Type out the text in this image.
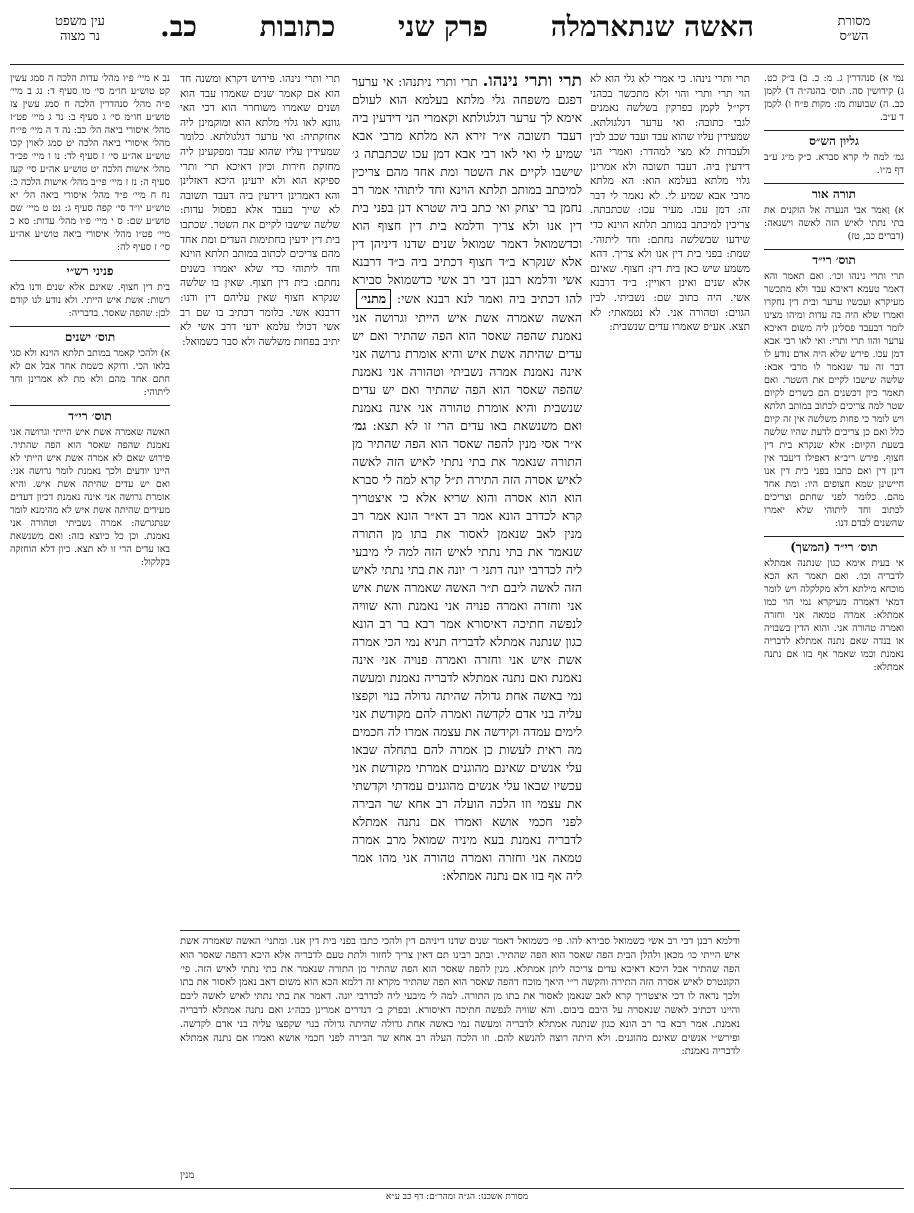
מסורת
הש״ס
האשה שנתארמלה
פרק שני
כתובות
כב.
עין משפט
נר מצוה

נמי א) סנהדרין ג. מ: כ. ב) ב״ק כט. ג) קידושין סה. תוס׳ בהגה״ה ד) לקמן כב. ה) שבועות מז: מקות פ״ח ו) לקמן ד ע״ב.

גליון הש״ס

גמ׳ למה לי קרא סברא. כ״ק מ״ג ע״ב דף מ״ו.

תורה אור

א) וַאמר אבי הנערה אל הזקנים את בתי נתתי לאיש הזה לאשה וישנאה: (דברים כב, טז)

תוס׳ רי״ד

תרי ותרי נינהו וכו׳. ואם תאמר והא דאמר טעמא דאיכא עבד ולא מתכשר מעיקרא ועכשיו ערער ובית דין נחקרו ואמרו שלא היה בה עדות ומיהו מצינו לומר דבעבד פסלינן ליה משום דאיכא ערער והוו תרי ותרי: ואי לאו רבי אבא דמן עכו. פירש שלא היה אדם נודע לו דבר זה עד שנאמר לו מרבי אבא: שלשה שישבו לקיים את השטר. ואם תאמר כיון דכשנים הם כשרים לקיום שטר למה צריכים לכתוב במותב תלתא ויש לומר כי פחות משלשה אין זה קיום כלל ואם כן צריכים לדעת שהיו שלשה בשעת הקיום: אלא שנקרא בית דין חצוף. פירש ריב״א דאפילו דיעבד אין דינן דין ואם כתבו בפני בית דין אנו חיישינן שמא חצופים היו: ומת אחד מהם. כלומר לפני שחתם וצריכים לכתוב וחד ליתוהי שלא יאמרו שהשנים לבדם דנו:

תוס׳ רי״ד (המשך)

אי בעית אימא כגון שנתנה אמתלא לדבריה וכו׳. ואם תאמר הא הכא מוכחא מילתא דלא מקלקלה ויש לומר דמאי דאמרה מעיקרא נמי הוי כמו אמתלא: אמרה טמאה אני וחזרה ואמרה טהורה אני. והוא הדין בשבויה או בנדה שאם נתנה אמתלא לדבריה נאמנת וכמו שאמר אף בזו אם נתנה אמתלא:

נב א מיי׳ פ״ו מהל׳ עדות הלכה ה סמג עשין קט טוש״ע חו״מ סי׳ מו סעיף ד: נג ב מיי׳ פ״ה מהל׳ סנהדרין הלכה ח סמג עשין צז טוש״ע חו״מ סי׳ ג סעיף ב: נד ג מיי׳ פט״ז מהל׳ איסורי ביאה הל׳ כב: נה ד ה מיי׳ פי״ח מהל׳ איסורי ביאה הלכה יט סמג לאוין קכו טוש״ע אה״ע סי׳ ז סעיף לד: נו ו מיי׳ פכ״ד מהל׳ אישות הלכה יט טוש״ע אה״ע סי׳ קעז סעיף ה: נז ז מיי׳ פי״ב מהל׳ אישות הלכה כ: נח ח מיי׳ פ״ד מהל׳ איסורי ביאה הל׳ יא טוש״ע יו״ד סי׳ קפה סעיף ג: נט ט מיי׳ שם טוש״ע שם: ס י מיי׳ פ״ו מהל׳ עדות: סא כ מיי׳ פט״ו מהל׳ איסורי ביאה טוש״ע אה״ע סי׳ ז סעיף לה:

פניני רש״י

בית דין חצוף. שאינם אלא שנים ודנו בלא רשות: אשת איש הייתי. ולא נודע לנו קודם לכן: שהפה שאסר. בדבריה:

תוס׳ ישנים

א) ולהכי קאמר במותב תלתא הוינא ולא סגי בלאו הכי. ודוקא כשמת אחד אבל אם לא חתם אחד מהם ולא מת לא אמרינן וחד ליתוהי:

תוס׳ רי״ד

האשה שאמרה אשת איש הייתי וגרושה אני נאמנת שהפה שאסר הוא הפה שהתיר. פירוש שאם לא אמרה אשת איש הייתי לא היינו יודעים ולכך נאמנת לומר גרושה אני: ואם יש עדים שהיתה אשת איש. והיא אומרת גרושה אני אינה נאמנת דכיון דעדים מעידים שהיתה אשת איש לא מהימנא לומר שנתגרשה: אמרה נשביתי וטהורה אני נאמנת. וכן כל כיוצא בזה: ואם משנשאת באו עדים הרי זו לא תצא. כיון דלא הוחזקה בקלקול:

תרי ותרי נינהו. כי אמרי לא גלי הוא לא הוי תרי ותרי והוי ולא מתכשר בכהני דקי״ל לקמן בפרקין בשלשה נאמנים לגבי כתובה: ואי ערער דגלגולתא. שמעידין עליו שהוא עבד ועבד שכב לבין ולעבדות לא מצי למהדר: ואמרי הני דידעין ביה. דעבד תשובה ולא אמרינן גלוי מלתא בעלמא הוא: הא מלתא מרבי אבא שמיע לי. לא נאמר לי דבר זה: דמן עכו. מעיר עכו: שכתבתה. צריכין למיכתב במותב תלתא הוינא כדי שידעו שבשלשה נחתם: וחד ליתוהי. שמת: בפני בית דין אנו ולא צריך. דהא משמע שיש כאן בית דין: חצוף. שאינם אלא שנים ואינן ראויין: ב״ד דרבנא אשי. היה כתוב שם: נשביתי. לבין הגוים: וטהורה אני. לא נטמאתי: לא תצא. אע״פ שאמרו עדים שנשבית:

תרי ותרי נינהו. פירוש דקרא ומשנה חד הוא אם קאמר שנים שאמרו עבד הוא ושנים שאמרו משוחרר הוא דכי האי גוונא לאו גלוי מלתא הוא ומוקמינן ליה אחזקתיה: ואי ערער דגלגולתא. כלומר שמעידין עליו שהוא עבד ומפקעינן ליה מחזקת חירות וכיון דאיכא תרי ותרי ספיקא הוא ולא ידעינן היכא דאזלינן והא דאמרינן דידעין ביה דעבד תשובה לא שייך בעבד אלא בפסול עדות: שלשה שישבו לקיים את השטר. שכתבו בית דין ידעין בחתימות העדים ומת אחד מהם צריכים לכתוב במותב תלתא הוינא וחד ליתוהי כדי שלא יאמרו בשנים נחתם: בית דין חצוף. שאין בו שלשה שנקרא חצוף שאין עליהם דין ודנו: דרבנא אשי. כלומר דכתיב בו שם רב אשי דכולי עלמא ידעי דרב אשי לא יתיב בפחות משלשה ולא סבר כשמואל:

תרי ותרי נינהו. תרי ותרי ניתנהו: אי ערער דפגם משפחה גלי מלתא בעלמא הוא לעולם אימא לך ערער דגלגולתא וקאמרי הני דידעין ביה דעבד תשובה א״ר זירא הא מלתא מרבי אבא שמיע לי ואי לאו רבי אבא דמן עכו שכתבתה ג׳ שישבו לקיים את השטר ומת אחד מהם צריכין למיכתב במותב תלתא הוינא וחד ליתוהי אמר רב נחמן בר יצחק ואי כתב ביה שטרא דנן בפני בית דין אנו ולא צריך ודלמא בית דין חצוף הוא וכדשמואל דאמר שמואל שנים שדנו דיניהן דין אלא שנקרא ב״ד חצוף דכתיב ביה ב״ד דרבנא אשי ודלמא רבנן דבי רב אשי כדשמואל סבירא להו דכתיב ביה ואמר לנא רבנא אשי: מתני׳ האשה שאמרה אשת איש הייתי וגרושה אני נאמנת שהפה שאסר הוא הפה שהתיר ואם יש עדים שהיתה אשת איש והיא אומרת גרושה אני אינה נאמנת אמרה נשביתי וטהורה אני נאמנת שהפה שאסר הוא הפה שהתיר ואם יש עדים שנשבית והיא אומרת טהורה אני אינה נאמנת ואם משנשאת באו עדים הרי זו לא תצא: גמ׳ א״ר אסי מנין להפה שאסר הוא הפה שהתיר מן התורה שנאמר את בתי נתתי לאיש הזה לאשה לאיש אסרה הזה התירה ת״ל קרא למה לי סברא הוא הוא אסרה והוא שריא אלא כי איצטריך קרא לכדרב הונא אמר רב דא״ר הונא אמר רב מנין לאב שנאמן לאסור את בתו מן התורה שנאמר את בתי נתתי לאיש הזה למה לי מיבעי ליה לכדרבי יונה דתני ר׳ יונה את בתי נתתי לאיש הזה לאשה ליבם ת״ר האשה שאמרה אשת איש אני וחזרה ואמרה פנויה אני נאמנת והא שוויה לנפשה חתיכה דאיסורא אמר רבא בר רב הונא כגון שנתנה אמתלא לדבריה תניא נמי הכי אמרה אשת איש אני וחזרה ואמרה פנויה אני אינה נאמנת ואם נתנה אמתלא לדבריה נאמנת ומעשה נמי באשה אחת גדולה שהיתה גדולה בנוי וקפצו עליה בני אדם לקדשה ואמרה להם מקודשת אני לימים עמדה וקידשה את עצמה אמרו לה חכמים מה ראית לעשות כן אמרה להם בתחלה שבאו עלי אנשים שאינם מהוגנים אמרתי מקודשת אני עכשיו שבאו עלי אנשים מהוגנים עמדתי וקדשתי את עצמי וזו הלכה הועלה רב אחא שר הבירה לפני חכמי אושא ואמרו אם נתנה אמתלא לדבריה נאמנת בעא מיניה שמואל מרב אמרה טמאה אני וחזרה ואמרה טהורה אני מהו אמר ליה אף בזו אם נתנה אמתלא:
ודלמא רבנן דבי רב אשי כשמואל סבירא להו. פי׳ כשמואל דאמר שנים שדנו דיניהם דין ולהכי כתבו בפני בית דין אנו. ומתני׳ האשה שאמרה אשת איש הייתי כו׳ מכאן ולהלן הבית הפה שאסר הוא הפה שהתיר. וכתב רבינו תם דאין צריך לחזור ולתת טעם לדבריה אלא היכא דהפה שאסר הוא הפה שהתיר אבל היכא דאיכא עדים צריכה ליתן אמתלא. מנין להפה שאסר הוא הפה שהתיר מן התורה שנאמר את בתי נתתי לאיש הזה. פי׳ הקונטרס לאיש אסרה הזה התירה והקשה ר״י היאך מוכח דהפה שאסר הוא הפה שהתיר מקרא זה דלמא הכא הוא משום דאב נאמן לאסור את בתו ולכך נראה לו דכי איצטריך קרא לאב שנאמן לאסור את בתו מן התורה. למה לי מיבעי ליה לכדרבי יונה. דאמר את בתי נתתי לאיש לאשה ליבם והיינו דכתיב לאשה שנאסרה על היבם ביבום. והא שוויה לנפשה חתיכה דאיסורא. ובפרק ב׳ דנדרים אמרינן בכה״ג ואם נתנה אמתלא לדבריה נאמנת. אמר רבא בר רב הונא כגון שנתנה אמתלא לדבריה ומעשה נמי באשה אחת גדולה שהיתה גדולה בנוי שקפצו עליה בני אדם לקדשה. ופירש״י אנשים שאינם מהוגנים. ולא היתה רוצה להנשא להם. וזו הלכה העלה רב אחא שר הבירה לפני חכמי אושא ואמרו אם נתנה אמתלא לדבריה נאמנת:
מסורת אשכנז: הג״ה ומהר״ם: דף כב ע״א
מנין
